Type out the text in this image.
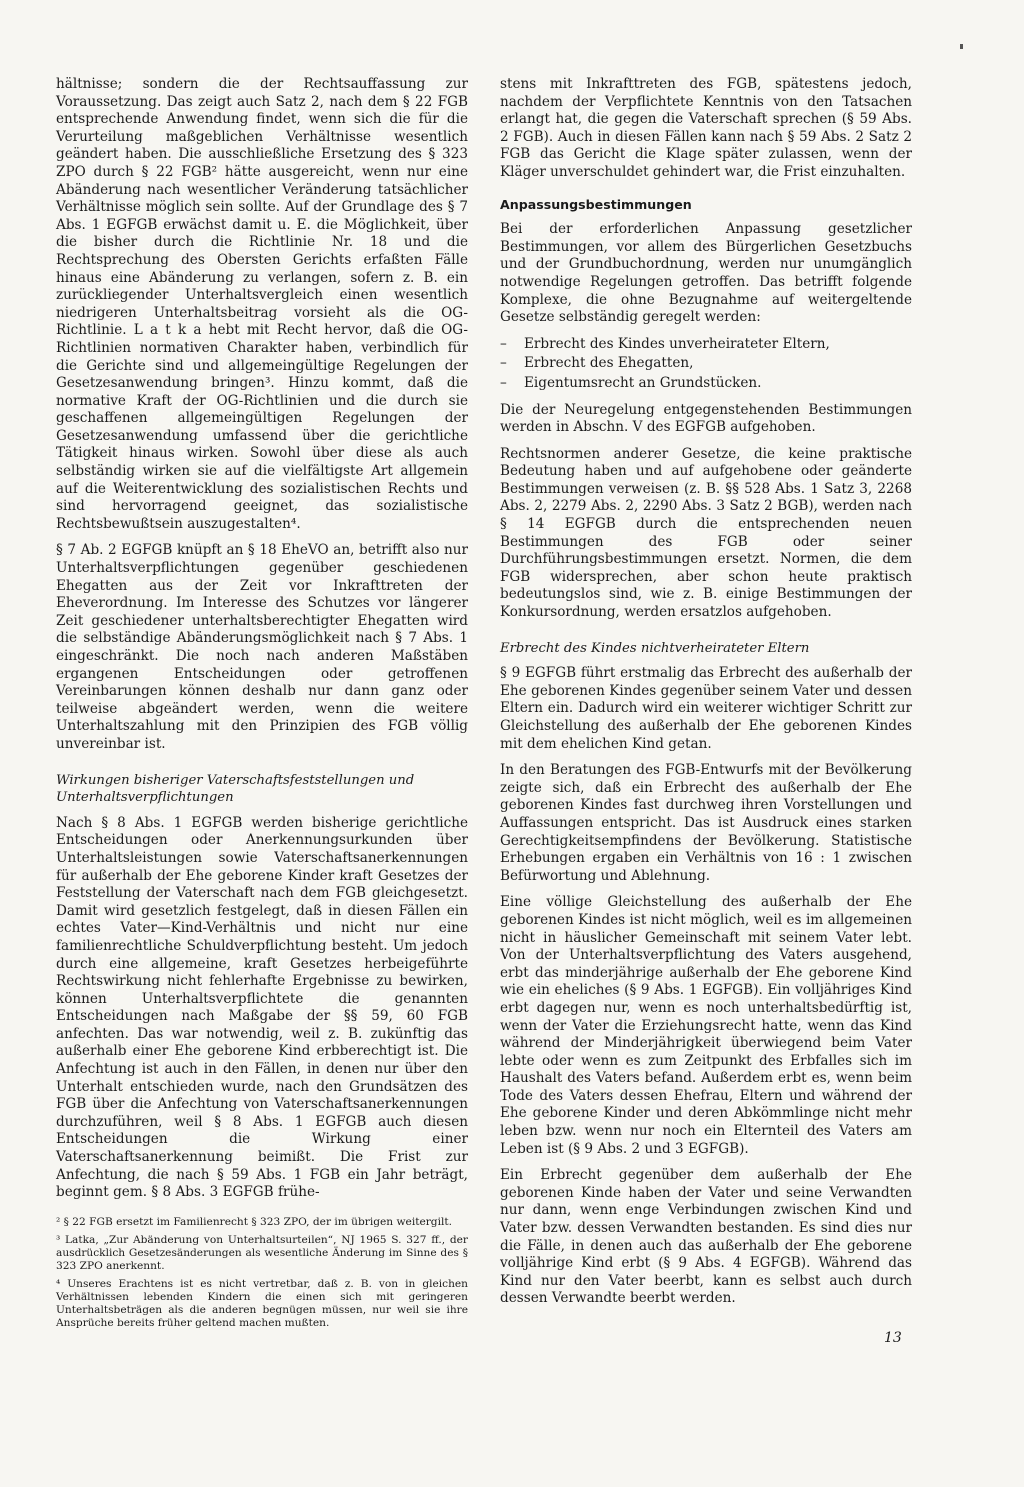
hältnisse; sondern die der Rechtsauffassung zur Voraussetzung. Das zeigt auch Satz 2, nach dem § 22 FGB entsprechende Anwendung findet, wenn sich die für die Verurteilung maßgeblichen Verhältnisse wesentlich geändert haben. Die ausschließliche Ersetzung des § 323 ZPO durch § 22 FGB² hätte ausgereicht, wenn nur eine Abänderung nach wesentlicher Veränderung tatsächlicher Verhältnisse möglich sein sollte. Auf der Grundlage des § 7 Abs. 1 EGFGB erwächst damit u. E. die Möglichkeit, über die bisher durch die Richtlinie Nr. 18 und die Rechtsprechung des Obersten Gerichts erfaßten Fälle hinaus eine Abänderung zu verlangen, sofern z. B. ein zurückliegender Unterhaltsvergleich einen wesentlich niedrigeren Unterhaltsbeitrag vorsieht als die OG-Richtlinie. L a t k a hebt mit Recht hervor, daß die OG-Richtlinien normativen Charakter haben, verbindlich für die Gerichte sind und allgemeingültige Regelungen der Gesetzesanwendung bringen³. Hinzu kommt, daß die normative Kraft der OG-Richtlinien und die durch sie geschaffenen allgemeingültigen Regelungen der Gesetzesanwendung umfassend über die gerichtliche Tätigkeit hinaus wirken. Sowohl über diese als auch selbständig wirken sie auf die vielfältigste Art allgemein auf die Weiterentwicklung des sozialistischen Rechts und sind hervorragend geeignet, das sozialistische Rechtsbewußtsein auszugestalten⁴.

§ 7 Ab. 2 EGFGB knüpft an § 18 EheVO an, betrifft also nur Unterhaltsverpflichtungen gegenüber geschiedenen Ehegatten aus der Zeit vor Inkrafttreten der Eheverordnung. Im Interesse des Schutzes vor längerer Zeit geschiedener unterhaltsberechtigter Ehegatten wird die selbständige Abänderungsmöglichkeit nach § 7 Abs. 1 eingeschränkt. Die noch nach anderen Maßstäben ergangenen Entscheidungen oder getroffenen Vereinbarungen können deshalb nur dann ganz oder teilweise abgeändert werden, wenn die weitere Unterhaltszahlung mit den Prinzipien des FGB völlig unvereinbar ist.

Wirkungen bisheriger Vaterschaftsfeststellungen und Unterhaltsverpflichtungen

Nach § 8 Abs. 1 EGFGB werden bisherige gerichtliche Entscheidungen oder Anerkennungsurkunden über Unterhaltsleistungen sowie Vaterschaftsanerkennungen für außerhalb der Ehe geborene Kinder kraft Gesetzes der Feststellung der Vaterschaft nach dem FGB gleichgesetzt. Damit wird gesetzlich festgelegt, daß in diesen Fällen ein echtes Vater—Kind-Verhältnis und nicht nur eine familienrechtliche Schuldverpflichtung besteht. Um jedoch durch eine allgemeine, kraft Gesetzes herbeigeführte Rechtswirkung nicht fehlerhafte Ergebnisse zu bewirken, können Unterhaltsverpflichtete die genannten Entscheidungen nach Maßgabe der §§ 59, 60 FGB anfechten. Das war notwendig, weil z. B. zukünftig das außerhalb einer Ehe geborene Kind erbberechtigt ist. Die Anfechtung ist auch in den Fällen, in denen nur über den Unterhalt entschieden wurde, nach den Grundsätzen des FGB über die Anfechtung von Vaterschaftsanerkennungen durchzuführen, weil § 8 Abs. 1 EGFGB auch diesen Entscheidungen die Wirkung einer Vaterschaftsanerkennung beimißt. Die Frist zur Anfechtung, die nach § 59 Abs. 1 FGB ein Jahr beträgt, beginnt gem. § 8 Abs. 3 EGFGB frühe-

² § 22 FGB ersetzt im Familienrecht § 323 ZPO, der im übrigen weitergilt.

³ Latka, „Zur Abänderung von Unterhaltsurteilen“, NJ 1965 S. 327 ff., der ausdrücklich Gesetzesänderungen als wesentliche Änderung im Sinne des § 323 ZPO anerkennt.

⁴ Unseres Erachtens ist es nicht vertretbar, daß z. B. von in gleichen Verhältnissen lebenden Kindern die einen sich mit geringeren Unterhaltsbeträgen als die anderen begnügen müssen, nur weil sie ihre Ansprüche bereits früher geltend machen mußten.

stens mit Inkrafttreten des FGB, spätestens jedoch, nachdem der Verpflichtete Kenntnis von den Tatsachen erlangt hat, die gegen die Vaterschaft sprechen (§ 59 Abs. 2 FGB). Auch in diesen Fällen kann nach § 59 Abs. 2 Satz 2 FGB das Gericht die Klage später zulassen, wenn der Kläger unverschuldet gehindert war, die Frist einzuhalten.

Anpassungsbestimmungen

Bei der erforderlichen Anpassung gesetzlicher Bestimmungen, vor allem des Bürgerlichen Gesetzbuchs und der Grundbuchordnung, werden nur unumgänglich notwendige Regelungen getroffen. Das betrifft folgende Komplexe, die ohne Bezugnahme auf weitergeltende Gesetze selbständig geregelt werden:

– Erbrecht des Kindes unverheirateter Eltern,
– Erbrecht des Ehegatten,
– Eigentumsrecht an Grundstücken.

Die der Neuregelung entgegenstehenden Bestimmungen werden in Abschn. V des EGFGB aufgehoben.

Rechtsnormen anderer Gesetze, die keine praktische Bedeutung haben und auf aufgehobene oder geänderte Bestimmungen verweisen (z. B. §§ 528 Abs. 1 Satz 3, 2268 Abs. 2, 2279 Abs. 2, 2290 Abs. 3 Satz 2 BGB), werden nach § 14 EGFGB durch die entsprechenden neuen Bestimmungen des FGB oder seiner Durchführungsbestimmungen ersetzt. Normen, die dem FGB widersprechen, aber schon heute praktisch bedeutungslos sind, wie z. B. einige Bestimmungen der Konkursordnung, werden ersatzlos aufgehoben.

Erbrecht des Kindes nichtverheirateter Eltern

§ 9 EGFGB führt erstmalig das Erbrecht des außerhalb der Ehe geborenen Kindes gegenüber seinem Vater und dessen Eltern ein. Dadurch wird ein weiterer wichtiger Schritt zur Gleichstellung des außerhalb der Ehe geborenen Kindes mit dem ehelichen Kind getan.

In den Beratungen des FGB-Entwurfs mit der Bevölkerung zeigte sich, daß ein Erbrecht des außerhalb der Ehe geborenen Kindes fast durchweg ihren Vorstellungen und Auffassungen entspricht. Das ist Ausdruck eines starken Gerechtigkeitsempfindens der Bevölkerung. Statistische Erhebungen ergaben ein Verhältnis von 16 : 1 zwischen Befürwortung und Ablehnung.

Eine völlige Gleichstellung des außerhalb der Ehe geborenen Kindes ist nicht möglich, weil es im allgemeinen nicht in häuslicher Gemeinschaft mit seinem Vater lebt. Von der Unterhaltsverpflichtung des Vaters ausgehend, erbt das minderjährige außerhalb der Ehe geborene Kind wie ein eheliches (§ 9 Abs. 1 EGFGB). Ein volljähriges Kind erbt dagegen nur, wenn es noch unterhaltsbedürftig ist, wenn der Vater die Erziehungsrecht hatte, wenn das Kind während der Minderjährigkeit überwiegend beim Vater lebte oder wenn es zum Zeitpunkt des Erbfalles sich im Haushalt des Vaters befand. Außerdem erbt es, wenn beim Tode des Vaters dessen Ehefrau, Eltern und während der Ehe geborene Kinder und deren Abkömmlinge nicht mehr leben bzw. wenn nur noch ein Elternteil des Vaters am Leben ist (§ 9 Abs. 2 und 3 EGFGB).

Ein Erbrecht gegenüber dem außerhalb der Ehe geborenen Kinde haben der Vater und seine Verwandten nur dann, wenn enge Verbindungen zwischen Kind und Vater bzw. dessen Verwandten bestanden. Es sind dies nur die Fälle, in denen auch das außerhalb der Ehe geborene volljährige Kind erbt (§ 9 Abs. 4 EGFGB). Während das Kind nur den Vater beerbt, kann es selbst auch durch dessen Verwandte beerbt werden.

13
